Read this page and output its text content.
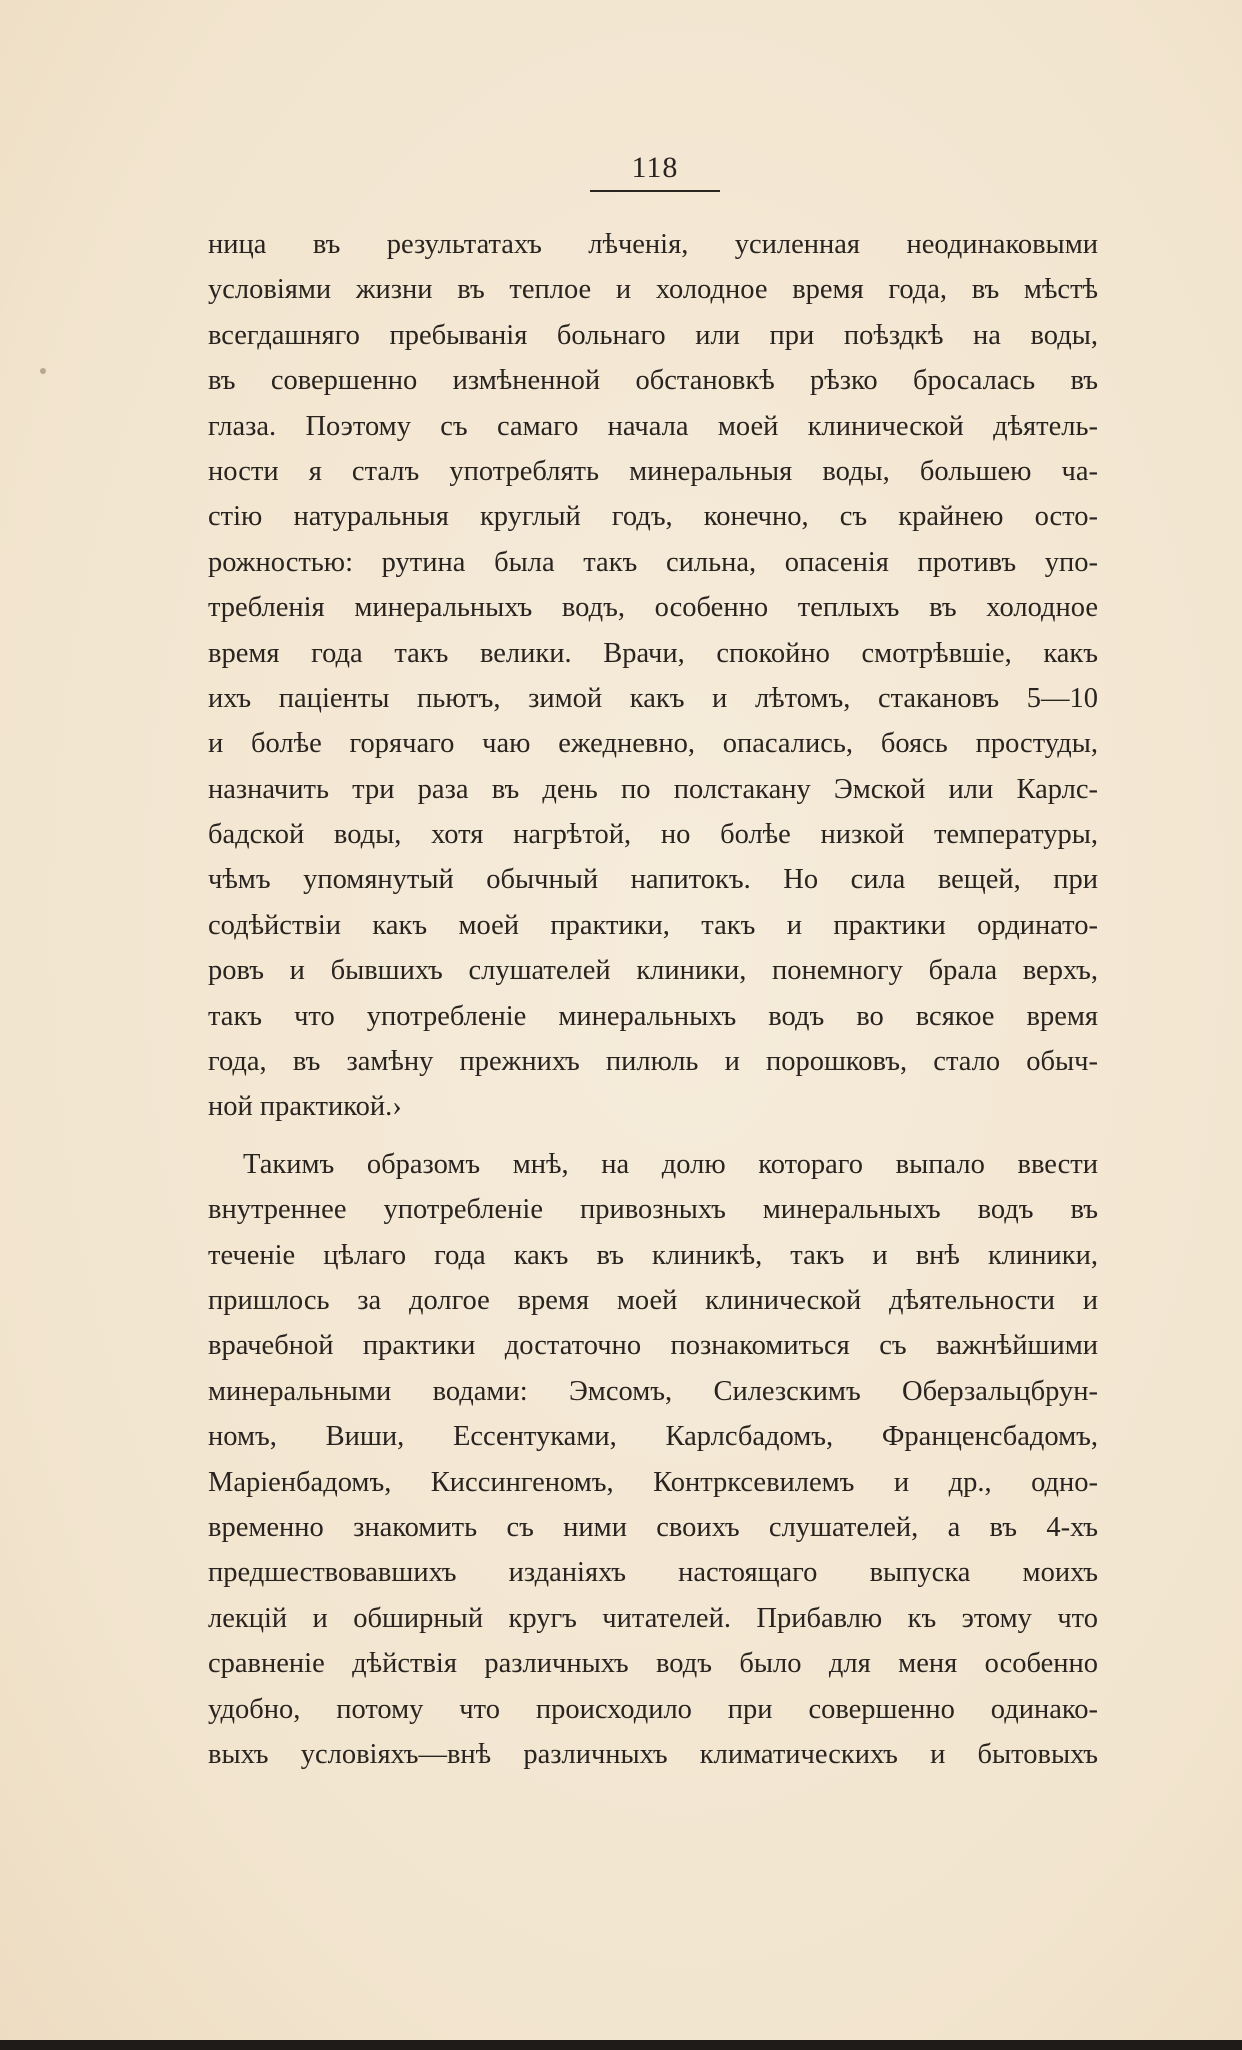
118
ница въ результатахъ лѣченія, усиленная неодинаковыми
условіями жизни въ теплое и холодное время года, въ мѣстѣ
всегдашняго пребыванія больнаго или при поѣздкѣ на воды,
въ совершенно измѣненной обстановкѣ рѣзко бросалась въ
глаза. Поэтому съ самаго начала моей клинической дѣятель-
ности я сталъ употреблять минеральныя воды, большею ча-
стію натуральныя круглый годъ, конечно, съ крайнею осто-
рожностью: рутина была такъ сильна, опасенія противъ упо-
требленія минеральныхъ водъ, особенно теплыхъ въ холодное
время года такъ велики. Врачи, спокойно смотрѣвшіе, какъ
ихъ паціенты пьютъ, зимой какъ и лѣтомъ, стакановъ 5—10
и болѣе горячаго чаю ежедневно, опасались, боясь простуды,
назначить три раза въ день по полстакану Эмской или Карлс-
бадской воды, хотя нагрѣтой, но болѣе низкой температуры,
чѣмъ упомянутый обычный напитокъ. Но сила вещей, при
содѣйствіи какъ моей практики, такъ и практики ординато-
ровъ и бывшихъ слушателей клиники, понемногу брала верхъ,
такъ что употребленіе минеральныхъ водъ во всякое время
года, въ замѣну прежнихъ пилюль и порошковъ, стало обыч-
ной практикой.›
Такимъ образомъ мнѣ, на долю котораго выпало ввести
внутреннее употребленіе привозныхъ минеральныхъ водъ въ
теченіе цѣлаго года какъ въ клиникѣ, такъ и внѣ клиники,
пришлось за долгое время моей клинической дѣятельности и
врачебной практики достаточно познакомиться съ важнѣйшими
минеральными водами: Эмсомъ, Силезскимъ Оберзальцбрун-
номъ, Виши, Ессентуками, Карлсбадомъ, Франценсбадомъ,
Маріенбадомъ, Киссингеномъ, Контрксевилемъ и др., одно-
временно знакомить съ ними своихъ слушателей, а въ 4-хъ
предшествовавшихъ изданіяхъ настоящаго выпуска моихъ
лекцій и обширный кругъ читателей. Прибавлю къ этому что
сравненіе дѣйствія различныхъ водъ было для меня особенно
удобно, потому что происходило при совершенно одинако-
выхъ условіяхъ—внѣ различныхъ климатическихъ и бытовыхъ
